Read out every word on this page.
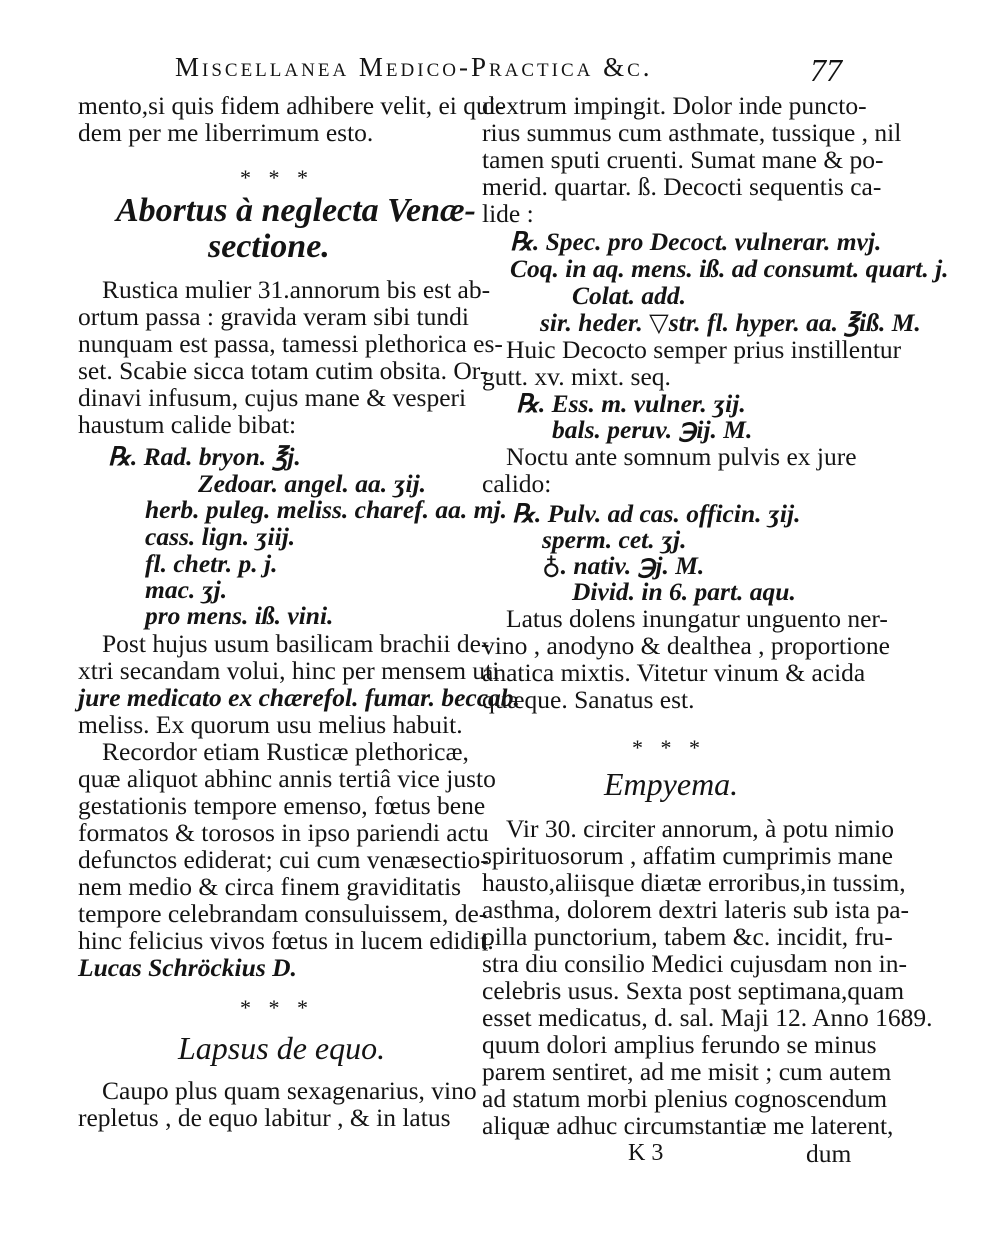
Miscellanea Medico-Practica &c.	77
mento,si quis fidem adhibere velit, ei qui-
dem per me liberrimum esto.
* * *
Abortus à neglecta Venæ-
sectione.
Rustica mulier 31.annorum bis est ab-
ortum passa : gravida veram sibi tundi
nunquam est passa, tamessi plethorica es-
set. Scabie sicca totam cutim obsita. Or-
dinavi infusum, cujus mane & vesperi
haustum calide bibat:
℞. Rad. bryon. ℥j.
Zedoar. angel. aa. ʒij.
herb. puleg. meliss. charef. aa. mj.
cass. lign. ʒiij.
fl. chetr. p. j.
mac. ʒj.
pro mens. iß. vini.
Post hujus usum basilicam brachii de-
xtri secandam volui, hinc per mensem uti
jure medicato ex chærefol. fumar. beccab.
meliss. Ex quorum usu melius habuit.
Recordor etiam Rusticæ plethoricæ,
quæ aliquot abhinc annis tertiâ vice justo
gestationis tempore emenso, fœtus bene
formatos & torosos in ipso pariendi actu
defunctos ediderat; cui cum venæsectio-
nem medio & circa finem graviditatis
tempore celebrandam consuluissem, de-
hinc felicius vivos fœtus in lucem edidit.
Lucas Schröckius D.
* * *
Lapsus de equo.
Caupo plus quam sexagenarius, vino
repletus , de equo labitur , & in latus
dextrum impingit. Dolor inde puncto-
rius summus cum asthmate, tussique , nil
tamen sputi cruenti. Sumat mane & po-
merid. quartar. ß. Decocti sequentis ca-
lide :
℞. Spec. pro Decoct. vulnerar. mvj.
Coq. in aq. mens. iß. ad consumt. quart. j.
Colat. add.
sir. heder. ▽str. fl. hyper. aa. ℥iß. M.
Huic Decocto semper prius instillentur
gutt. xv. mixt. seq.
℞. Ess. m. vulner. ʒij.
bals. peruv. ℈ij. M.
Noctu ante somnum pulvis ex jure
calido:
℞. Pulv. ad cas. officin. ʒij.
sperm. cet. ʒj.
♁. nativ. ℈j. M.
Divid. in 6. part. aqu.
Latus dolens inungatur unguento ner-
vino , anodyno & dealthea , proportione
anatica mixtis. Vitetur vinum & acida
quæque. Sanatus est.
* * *
Empyema.
Vir 30. circiter annorum, à potu nimio
spirituosorum , affatim cumprimis mane
hausto,aliisque diætæ erroribus,in tussim,
asthma, dolorem dextri lateris sub ista pa-
pilla punctorium, tabem &c. incidit, fru-
stra diu consilio Medici cujusdam non in-
celebris usus. Sexta post septimana,quam
esset medicatus, d. sal. Maji 12. Anno 1689.
quum dolori amplius ferundo se minus
parem sentiret, ad me misit ; cum autem
ad statum morbi plenius cognoscendum
aliquæ adhuc circumstantiæ me laterent,
K 3	dum
